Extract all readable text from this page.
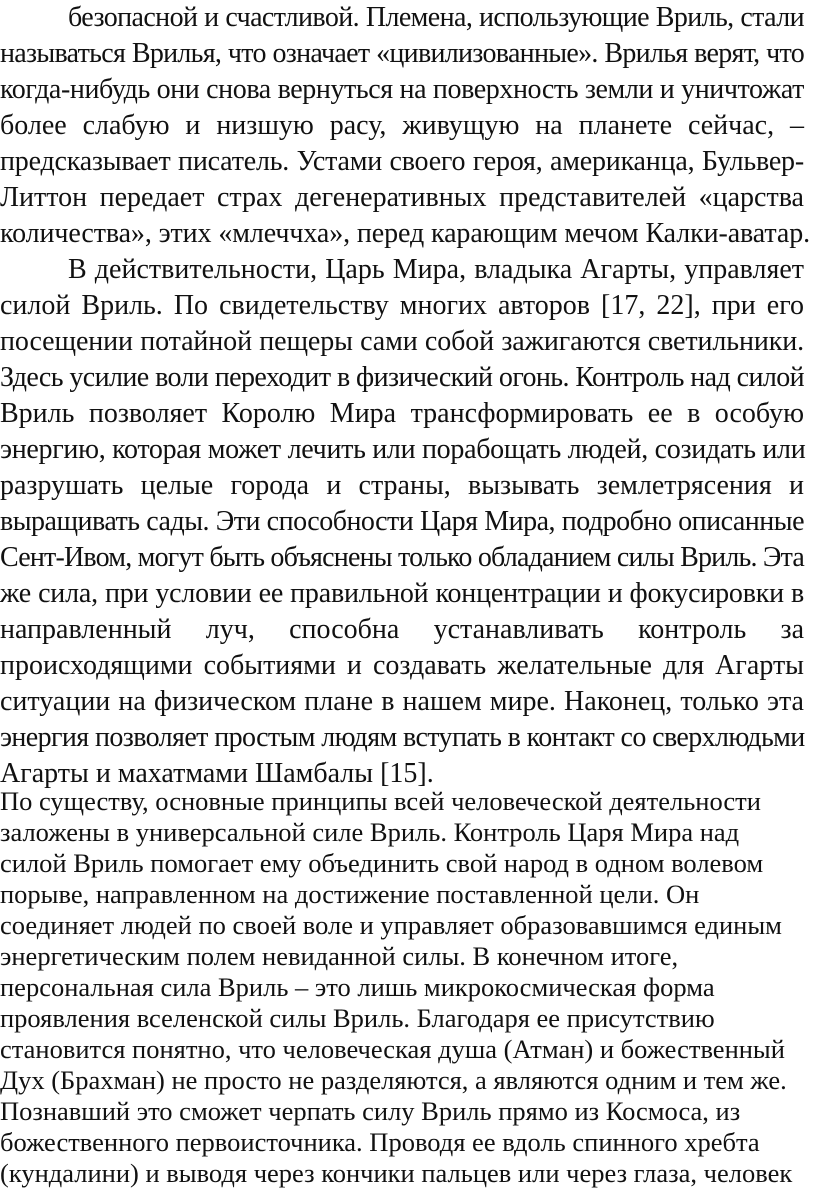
безопасной и счастливой. Племена, использующие Вриль, стали
называться Врилья, что означает «цивилизованные». Врилья верят, что
когда-нибудь они снова вернуться на поверхность земли и уничтожат
более слабую и низшую расу, живущую на планете сейчас, –
предсказывает писатель. Устами своего героя, американца, Бульвер-
Литтон передает страх дегенеративных представителей «царства
количества», этих «млеччха», перед карающим мечом Калки-аватар.
В действительности, Царь Мира, владыка Агарты, управляет
силой Вриль. По свидетельству многих авторов [17, 22], при его
посещении потайной пещеры сами собой зажигаются светильники.
Здесь усилие воли переходит в физический огонь. Контроль над силой
Вриль позволяет Королю Мира трансформировать ее в особую
энергию, которая может лечить или порабощать людей, созидать или
разрушать целые города и страны, вызывать землетрясения и
выращивать сады. Эти способности Царя Мира, подробно описанные
Сент-Ивом, могут быть объяснены только обладанием силы Вриль. Эта
же сила, при условии ее правильной концентрации и фокусировки в
направленный луч, способна устанавливать контроль за
происходящими событиями и создавать желательные для Агарты
ситуации на физическом плане в нашем мире. Наконец, только эта
энергия позволяет простым людям вступать в контакт со сверхлюдьми
Агарты и махатмами Шамбалы [15].
По существу, основные принципы всей человеческой деятельности
заложены в универсальной силе Вриль. Контроль Царя Мира над
силой Вриль помогает ему объединить свой народ в одном волевом
порыве, направленном на достижение поставленной цели. Он
соединяет людей по своей воле и управляет образовавшимся единым
энергетическим полем невиданной силы. В конечном итоге,
персональная сила Вриль – это лишь микрокосмическая форма
проявления вселенской силы Вриль. Благодаря ее присутствию
становится понятно, что человеческая душа (Атман) и божественный
Дух (Брахман) не просто не разделяются, а являются одним и тем же.
Познавший это сможет черпать силу Вриль прямо из Космоса, из
божественного первоисточника. Проводя ее вдоль спинного хребта
(кундалини) и выводя через кончики пальцев или через глаза, человек
